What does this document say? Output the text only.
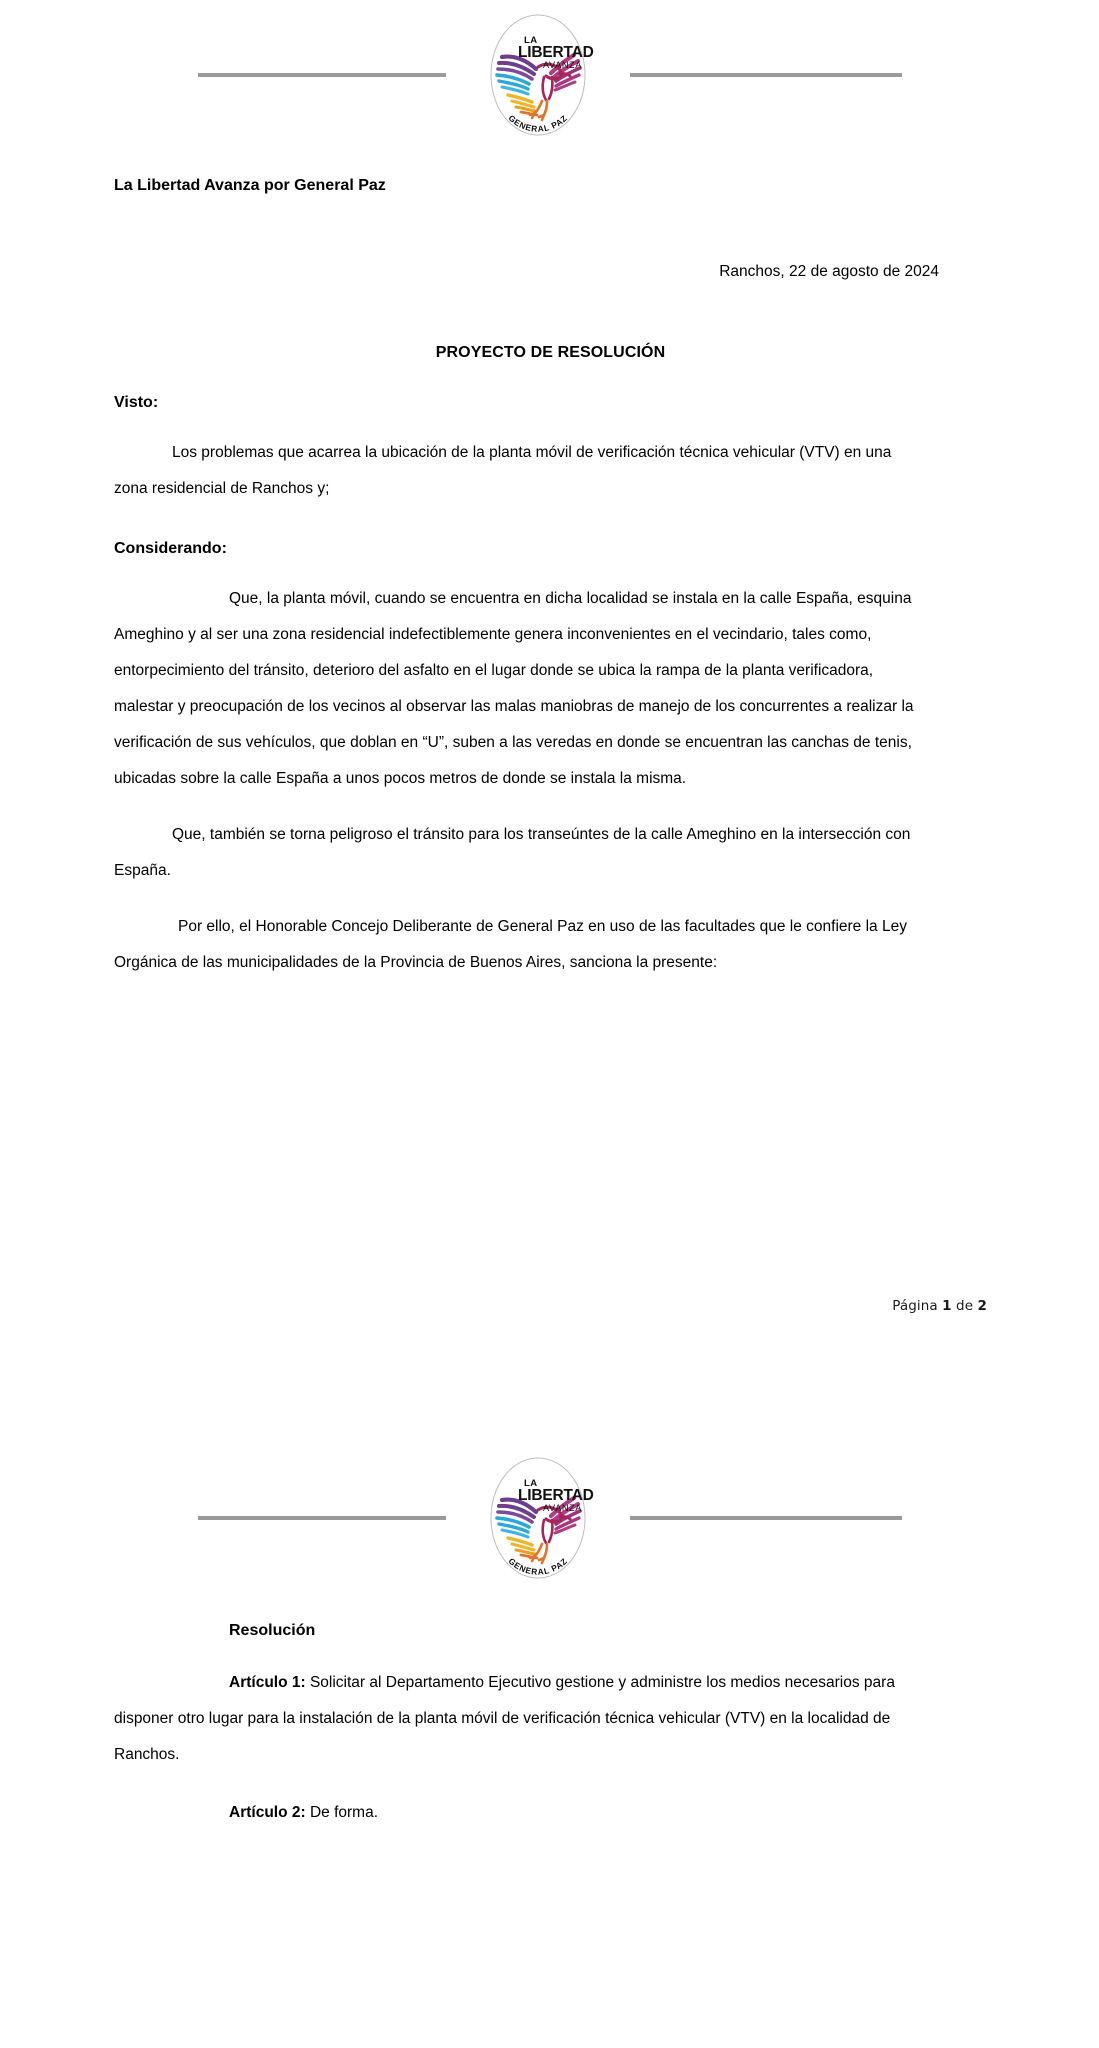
LA
LIBERTAD
AVANZA
GENERAL PAZ

La Libertad Avanza por General Paz

Ranchos, 22 de agosto de 2024

PROYECTO DE RESOLUCIÓN

Visto:

Los problemas que acarrea la ubicación de la planta móvil de verificación técnica vehicular (VTV) en una zona residencial de Ranchos y;

Considerando:

Que, la planta móvil, cuando se encuentra en dicha localidad se instala en la calle España, esquina Ameghino y al ser una zona residencial indefectiblemente genera inconvenientes en el vecindario, tales como, entorpecimiento del tránsito, deterioro del asfalto en el lugar donde se ubica la rampa de la planta verificadora, malestar y preocupación de los vecinos al observar las malas maniobras de manejo de los concurrentes a realizar la verificación de sus vehículos, que doblan en “U”, suben a las veredas en donde se encuentran las canchas de tenis, ubicadas sobre la calle España a unos pocos metros de donde se instala la misma.

Que, también se torna peligroso el tránsito para los transeúntes de la calle Ameghino en la intersección con España.

Por ello, el Honorable Concejo Deliberante de General Paz en uso de las facultades que le confiere la Ley Orgánica de las municipalidades de la Provincia de Buenos Aires, sanciona la presente:

Página 1 de 2
LA
LIBERTAD
AVANZA
GENERAL PAZ

Resolución

Artículo 1: Solicitar al Departamento Ejecutivo gestione y administre los medios necesarios para disponer otro lugar para la instalación de la planta móvil de verificación técnica vehicular (VTV) en la localidad de Ranchos.

Artículo 2: De forma.
